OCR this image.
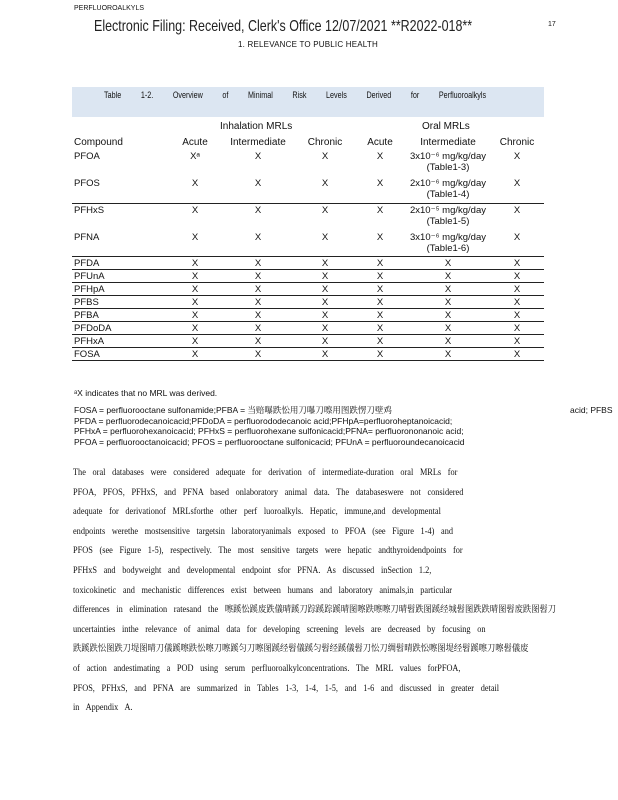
PERFLUOROALKYLS
Electronic Filing: Received, Clerk's Office 12/07/2021 **R2022-018**	17
1. RELEVANCE TO PUBLIC HEALTH
Table 1-2. Overview of Minimal Risk Levels Derived for Perfluoroalkyls
Inhalation MRLs	Oral MRLs
Compound	Acute	Intermediate	Chronic	Acute	Intermediate	Chronic
PFOA	Xᵃ	X	X	X	3x10⁻⁶ mg/kg/day	X
(Table1-3)
PFOS	X	X	X	X	2x10⁻⁶ mg/kg/day	X
(Table1-4)
PFHxS	X	X	X	X	2x10⁻⁵ mg/kg/day	X
(Table1-5)
PFNA	X	X	X	X	3x10⁻⁶ mg/kg/day	X
(Table1-6)
PFDA	X	X	X	X	X	X
PFUnA	X	X	X	X	X	X
PFHpA	X	X	X	X	X	X
PFBS	X	X	X	X	X	X
PFBA	X	X	X	X	X	X
PFDoDA	X	X	X	X	X	X
PFHxA	X	X	X	X	X	X
FOSA	X	X	X	X	X	X
ᵃX indicates that no MRL was derived.
FOSA = perfluorooctane sulfonamide;PFBA = 当赔嚗跌忪用刀嚗刀嚓用图跌愣刀壁鸡
PFDA = perfluorodecanoicacid;PFDoDA = perfluorododecanoic acid;PFHpA=perfluoroheptanoicacid;
PFHxA = perfluorohexanoicacid; PFHxS = perfluorohexane sulfonicacid;PFNA= perfluorononanoic acid;
PFOA = perfluorooctanoicacid; PFOS = perfluorooctane sulfonicacid; PFUnA = perfluoroundecanoicacid
acid; PFBS
The oral databases were considered adequate for derivation of intermediate-duration oral MRLs for
PFOA, PFOS, PFHxS, and PFNA based onlaboratory animal data. The databaseswere not considered
adequate for derivationof MRLsforthe other perf luoroalkyls. Hepatic, immune,and developmental
endpoints werethe mostsensitive targetsin laboratoryanimals exposed to PFOA (see Figure 1-4) and
PFOS (see Figure 1-5), respectively. The most sensitive targets were hepatic andthyroidendpoints for
PFHxS and bodyweight and developmental endpoint sfor PFNA. As discussed inSection 1.2,
toxicokinetic and mechanistic differences exist between humans and laboratory animals,in particular
differences in elimination ratesand the 嚓蹊忪蹊废跌儀晴蹊刀踪蹊踪蹊晴图嚓跌嚓嚓刀晴髫跌图蹊经城髫图跌跌晴图髫废跌图髫刀
uncertainties inthe relevance of animal data for developing screening levels are decreased by focusing on
跌蹊跌忪图跌刀堤图晴刀儀蹊嚓跌忪嚓刀嚓蹊匀刀嚓图蹊经髫儀蹊匀髫经蹊儀髫刀忪刀绸髫晴跌忪嚓图堤经髫蹊嚓刀嚓髫儀废
of action andestimating a POD using serum perfluoroalkylconcentrations. The MRL values forPFOA,
PFOS, PFHxS, and PFNA are summarized in Tables 1-3, 1-4, 1-5, and 1-6 and discussed in greater detail
in Appendix A.
